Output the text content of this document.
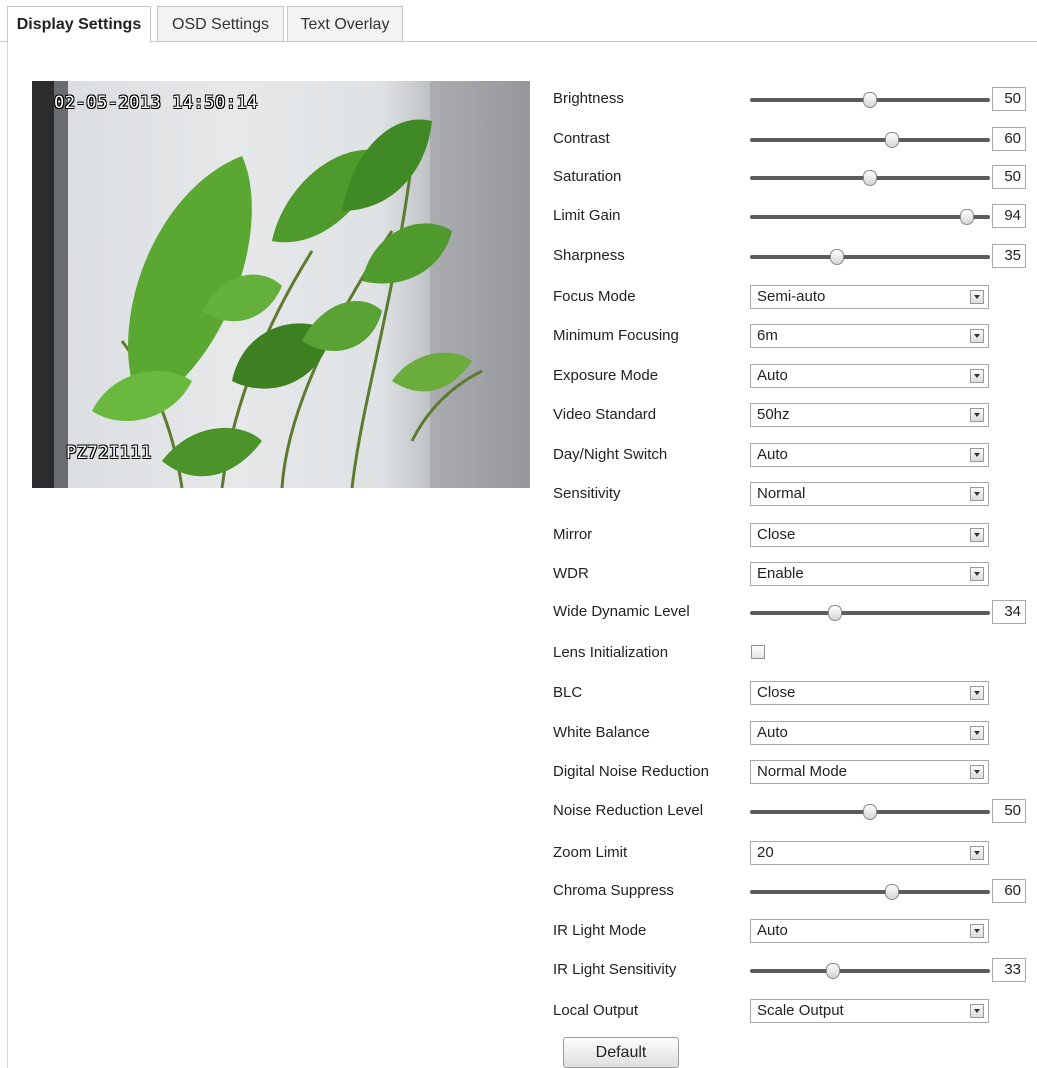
Display Settings	OSD Settings	Text Overlay
02-05-2013 14:50:14
PZ72I111
Brightness	50
Contrast	60
Saturation	50
Limit Gain	94
Sharpness	35
Focus Mode	Semi-auto
Minimum Focusing	6m
Exposure Mode	Auto
Video Standard	50hz
Day/Night Switch	Auto
Sensitivity	Normal
Mirror	Close
WDR	Enable
Wide Dynamic Level	34
Lens Initialization
BLC	Close
White Balance	Auto
Digital Noise Reduction	Normal Mode
Noise Reduction Level	50
Zoom Limit	20
Chroma Suppress	60
IR Light Mode	Auto
IR Light Sensitivity	33
Local Output	Scale Output
Default
